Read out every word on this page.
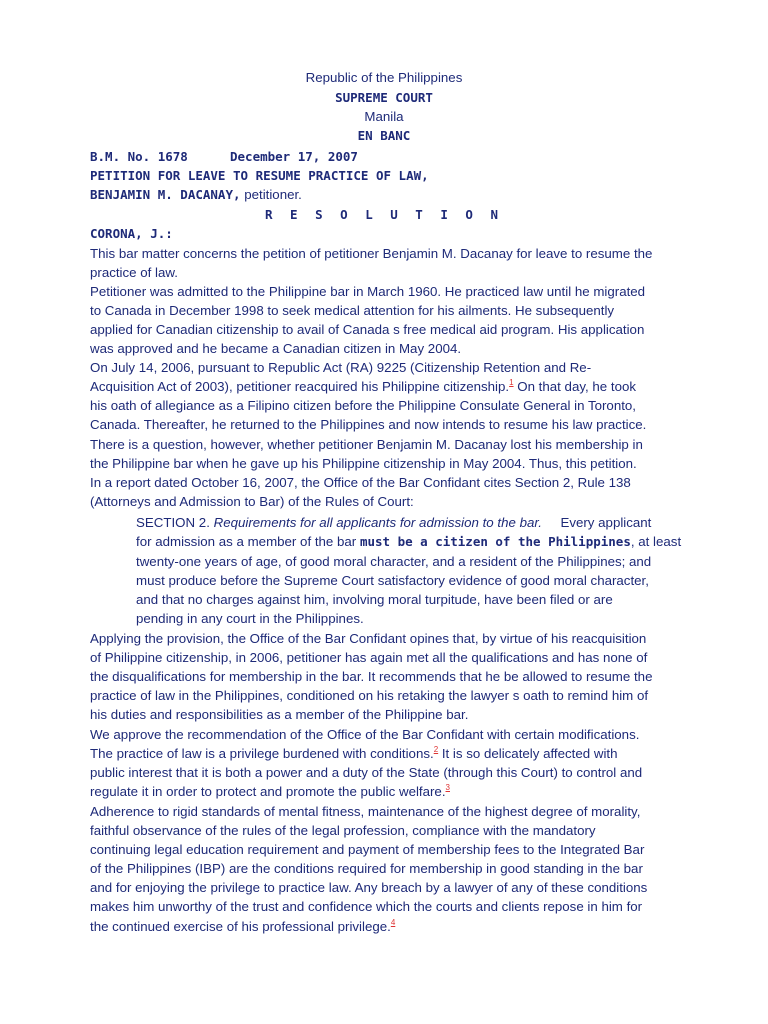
Republic of the Philippines
SUPREME COURT
Manila
EN BANC
B.M. No. 1678	December 17, 2007
PETITION FOR LEAVE TO RESUME PRACTICE OF LAW,
BENJAMIN M. DACANAY, petitioner.
R E S O L U T I O N
CORONA, J.:
This bar matter concerns the petition of petitioner Benjamin M. Dacanay for leave to resume the
practice of law.
Petitioner was admitted to the Philippine bar in March 1960. He practiced law until he migrated
to Canada in December 1998 to seek medical attention for his ailments. He subsequently
applied for Canadian citizenship to avail of Canada s free medical aid program. His application
was approved and he became a Canadian citizen in May 2004.
On July 14, 2006, pursuant to Republic Act (RA) 9225 (Citizenship Retention and Re-
Acquisition Act of 2003), petitioner reacquired his Philippine citizenship.$^1$ On that day, he took
his oath of allegiance as a Filipino citizen before the Philippine Consulate General in Toronto,
Canada. Thereafter, he returned to the Philippines and now intends to resume his law practice.
There is a question, however, whether petitioner Benjamin M. Dacanay lost his membership in
the Philippine bar when he gave up his Philippine citizenship in May 2004. Thus, this petition.
In a report dated October 16, 2007, the Office of the Bar Confidant cites Section 2, Rule 138
(Attorneys and Admission to Bar) of the Rules of Court:
SECTION 2. Requirements for all applicants for admission to the bar.     Every applicant
for admission as a member of the bar must be a citizen of the Philippines, at least
twenty-one years of age, of good moral character, and a resident of the Philippines; and
must produce before the Supreme Court satisfactory evidence of good moral character,
and that no charges against him, involving moral turpitude, have been filed or are
pending in any court in the Philippines.
Applying the provision, the Office of the Bar Confidant opines that, by virtue of his reacquisition
of Philippine citizenship, in 2006, petitioner has again met all the qualifications and has none of
the disqualifications for membership in the bar. It recommends that he be allowed to resume the
practice of law in the Philippines, conditioned on his retaking the lawyer s oath to remind him of
his duties and responsibilities as a member of the Philippine bar.
We approve the recommendation of the Office of the Bar Confidant with certain modifications.
The practice of law is a privilege burdened with conditions.$^2$ It is so delicately affected with
public interest that it is both a power and a duty of the State (through this Court) to control and
regulate it in order to protect and promote the public welfare.$^3$
Adherence to rigid standards of mental fitness, maintenance of the highest degree of morality,
faithful observance of the rules of the legal profession, compliance with the mandatory
continuing legal education requirement and payment of membership fees to the Integrated Bar
of the Philippines (IBP) are the conditions required for membership in good standing in the bar
and for enjoying the privilege to practice law. Any breach by a lawyer of any of these conditions
makes him unworthy of the trust and confidence which the courts and clients repose in him for
the continued exercise of his professional privilege.$^4$
